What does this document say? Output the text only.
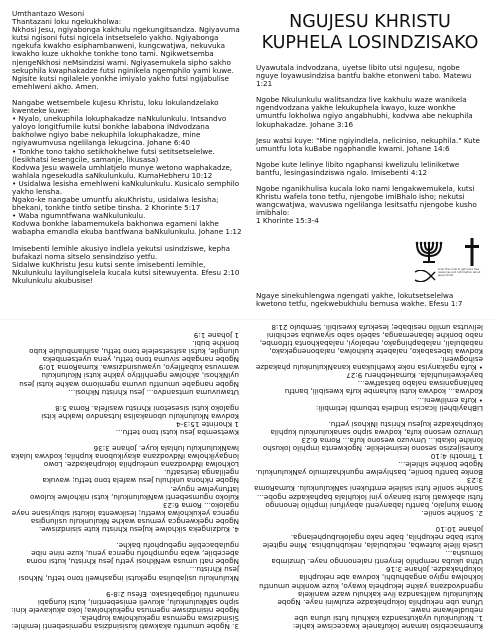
Umthantazo Wesoni
Thantazani loku ngekukholwa:
Nkhosi Jesu, ngiyabonga kakhulu ngekungitsandza. Ngiyavuma kutsi ngisoni futsi ngicela intsetselelo yakho. Ngiyabonga ngekufa kwakho esiphambanweni, kungcwatjwa, nekuvuka kwakho kuze ukhokhe tonkhe tono tami. Ngikwetsemba njengeNkhosi neMsindzisi wami. Ngiyasemukela sipho sakho sekuphila kwaphakadze futsi nginikela ngemphilo yami kuwe. Ngisite kutsi ngilalele yonkhe imiyalo yakho futsi ngijabulise emehlweni akho. Amen.

Nangabe wetsembele kuJesu Khristu, loku lokulandzelako kwenteke kuwe:
• Nyalo, unekuphila lokuphakadze naNkulunkulu. Intsandvo yaloyo longitfumile kutsi bonkhe lababona iNdvodzana bakholwe ngiyo babe nekuphila lokuphakadze, mine ngiyawumvusa ngelilanga lekugcina. Johane 6:40
• Tonkhe tono takho setikhokhelwe futsi setitsetselelwe. (lesikhatsi lesengcile, samanje, likusasa)
Kodvwa Jesu wawela umhlatjelo munye wetono waphakadze, wahlala ngesekudla saNkulunkulu. KumaHebheru 10:12
• Usidalwa lesisha emehlweni kaNkulunkulu. Kusicalo semphilo yakho lensha.
Ngako-ke nangabe umuntfu akuKhristu, usidalwa lesisha; bhekani, tonkhe tintfo setibe tinsha. 2 Khorinte 5:17
• Waba ngumntfwana waNkulunkulu.
Kodvwa bonkhe labamemukela bakhonwa egameni lakhe wabapha emandla ekuba bantfwana baNkulunkulu. Johane 1:12

Imisebenti lemihle akusiyo indlela yekutsi usindziswe, kepha bufakazi noma sitselo sensindziso yetfu.
Sidalwe kuKhristu Jesu kutsi sente imisebenti lemihle, Nkulunkulu layilungiselela kucala kutsi sitewuyenta. Efesu 2:10
Nkulunkulu akubusise!

NGUJESU KHRISTU KUPHELA LOSINDZISAKO

Uyawutala indvodzana, uyetse libito utsi nguJesu, ngobe nguye loyawusindzisa bantfu bakhe etonweni tabo. Matewu 1:21

Ngobe Nkulunkulu walitsandza live kakhulu waze wanikela ngendvodzana yakhe lekukuphela kwayo, kuze wonkhe umuntfu lokholwa ngiyo angabhubhi, kodvwa abe nekuphila lokuphakadze. Johane 3:16

Jesu watsi kuye: "Mine ngiyindlela, neliciniso, nekuphila." Kute umuntfu lota kuBabe ngaphandle kwami. Johane 14:6

Ngobe kute lelinye libito ngaphansi kwelizulu leliniketwe bantfu, lesingasindziswa ngalo. Imisebenti 4:12

Ngobe nganikhulisa kucala loko nami lengakwemukela, kutsi Khristu wafela tono tetfu, njengobe imiBhalo isho; nekutsi wangcwatjwa, wavuswa ngelilanga lesitsatfu njengobe kusho imibhalo:
1 Khorinte 15:3-4

Scan this code to get more free resources and information about Jesus Christ

Ngaye sinekuhlengwa ngengati yakhe, lokutsetselelwa kwetono tetfu, ngekwebukhulu bemusa wakhe. Efesu 1:7

Kunemacebiso lamane lokufanele kwaceciswe kahle:
1. Nkulunkulu uyakutsandza kakhulu futsi ufuna ube nebudlelwane nawe.
Ufuna ube nekuphila lokuphakadze ezulwini naye. Ngobe Nkulunkulu walitsandza live kakhulu waze wanikela ngendvodzana yakhe lekuphela kwayo, kuze wonkhe umuntfu lokholwa ngiyo angabhubhi, kodvwa abe nekuphila lokuphakadze. Johane 3:16
Utha ukuba nemphilo lenyenti nalenonngo naye. Umzimba lomusha...
Lisela lilele kutewba, nekubulala, nekubhubhisa. Mine ngitele kutsi babe nekuphila, babe nako ngalokubuphelanga.
Johane 10:10

2. Sonkhe sonile.
Noma kunjalo, bantfu labanyenti abayifuni imphilo lenonngo futsi abakwati kutsi banayo yini lokuhlala baphakadze ngobe... Sonkhe sonile futsi sisilele emtfukeni saNkulunkulu. KumaRoma 3:23
Bonke bantfu bonile, bashiyelwe ngunkhazimulo yaNkulunkulu. Ngobe bonkhe sihlele...
1 Timothi 4:10
Kunesijeziso sesono lesimelekile. Ngokwenta imphilo lokusho lonkhe lokabi... Umvuzo wesono kufa... Roma 6:23
Umvuzo wesono kufa, kodvwa sipho sanakulunkulu kuphila lokuphakadze kuJesu Khristu iNkhosi yetfu.

LiBhayibheli licacisa tindlela tebumbi letimbili:
• Kufa emlilweni...
Kodvwa... kodvwa kutsi kuhambe kufa kwesibili, bantfu bahlanganiswa nalabo batsatfwe...
bayekwelinuhlala. KumaHebheru 9:27
• Kufa ngakanyisa noke kwehlukana kanaNkulunkulu phakadze esihogweni.
Kodvwa labesabako, nalabete kukholwa, nalabonengekako, nababulali, nalabaphingako, nebaloyi, nalabakhonta titfombe, nabo bonkhe labanemanga, sabelo sabo siyawuba sechibini lelivutsa umlilo nesibabe; lesekufa kwesibili. Sembulo 21:8

3. Ngobe umuntfu akakwati kusisindzisa ngemisebenti lemihle: Sisindziswa ngemusa ngekukholwa kuphela.
Ngobe nisindziswe ngemusa ngekukholwa; loko akukavele kini: sipho saNkulunkulu, akuveli emisebentini, kutsi kungabi namuntfu lotigabatisako. Efesu 2:8-9

Nkulunkulu usijabulisa ngekutsi ingashweli tono tetfu, Nkhosi Jesu Khristu...
Ngobe nati umusa weNkhosi yetfu Jesu Khristu, kutsi noma abecebile, waba ngumphofu ngenca yenu, kuze nine nibe ngulabacebile ngebuphofu bakhe.

4. Kudzingeka sikholwe kuJesu Khristu kute sisindziswe.
Ngobe ngekwengca yemusa wakhe Nkulunkulu usilungisa ngenca yekukholwa kwetfu; lesikwenta lokutsi sibuyisane naye ngaloko... Roma 6:23
Kuloko ngumsebenti waNkulunkulu, kutsi nikholwe kulowo latfunyelwe nguye.
Ngobe nkhona unkhulu Jesu wafela tono tetfu; wavuka ngelilanga lesitsatfu.
Lokholwa iNdvodzana unekuphila lokuphakadze. Lowo longayikholwa iNdvodzana akayikubona kuphila; kodvwa lulaka lwaNkulunkulu luhlala kuye. Johane 3:36

Kwetsemba Jesu kutsi tono tetfu...
1 Khorinte 15:3-4
Kodvwa Nkulunkulu ubonakalisa lutsandvo lwakhe kitsi ngaloko kutsi sisesetoni Khristu wasifela. Roma 5:8

Utawuvuma umtsandvo... Jesu Khristu Nkhosi...
Ngobe nangabe umuntfu uvuma ngemlomo wakhe kutsi Jesu uyiNkhosi, akholwe ngenhlitiyo yakhe kutsi Nkulunkulu wamvusa kubafileyo, uyawusindziswa. KumaRoma 10:9
Ngobe nangabe sivuma tono tetfu, yena uyetsembeka ulungile, kutsi asitsetselele tono tetfu, asihlambulule kubo bonkhe bubi.
1 Johane 1:9
